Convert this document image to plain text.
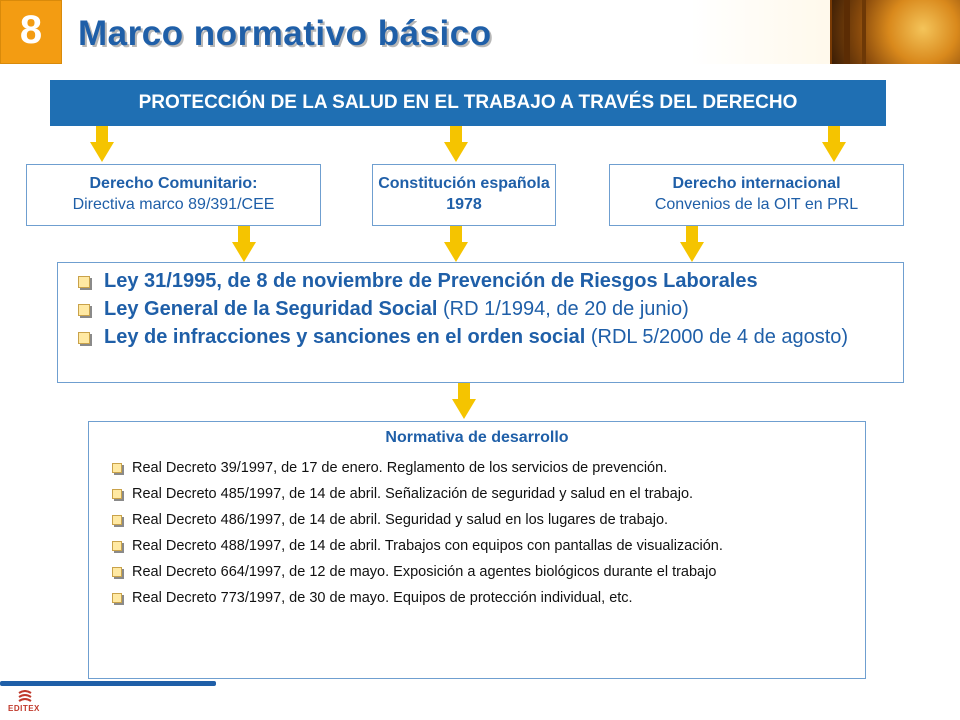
8	Marco normativo básico
PROTECCIÓN DE LA SALUD EN EL TRABAJO A TRAVÉS DEL DERECHO
Derecho Comunitario:
Directiva marco 89/391/CEE
Constitución española 1978
Derecho internacional
Convenios de la OIT en PRL
Ley 31/1995, de 8 de noviembre de Prevención de Riesgos Laborales
Ley General de la Seguridad Social (RD 1/1994, de 20 de junio)
Ley de infracciones y sanciones en el orden social (RDL 5/2000 de 4 de agosto)
Normativa de desarrollo
Real Decreto 39/1997, de 17 de enero. Reglamento de los servicios de prevención.
Real Decreto 485/1997, de 14 de abril. Señalización de seguridad y salud en el trabajo.
Real Decreto 486/1997, de 14 de abril. Seguridad y salud en los lugares de trabajo.
Real Decreto 488/1997, de 14 de abril. Trabajos con equipos con pantallas de visualización.
Real Decreto 664/1997, de 12 de mayo. Exposición a agentes biológicos durante el trabajo
Real Decreto 773/1997, de 30 de mayo. Equipos de protección individual, etc.
EDITEX
